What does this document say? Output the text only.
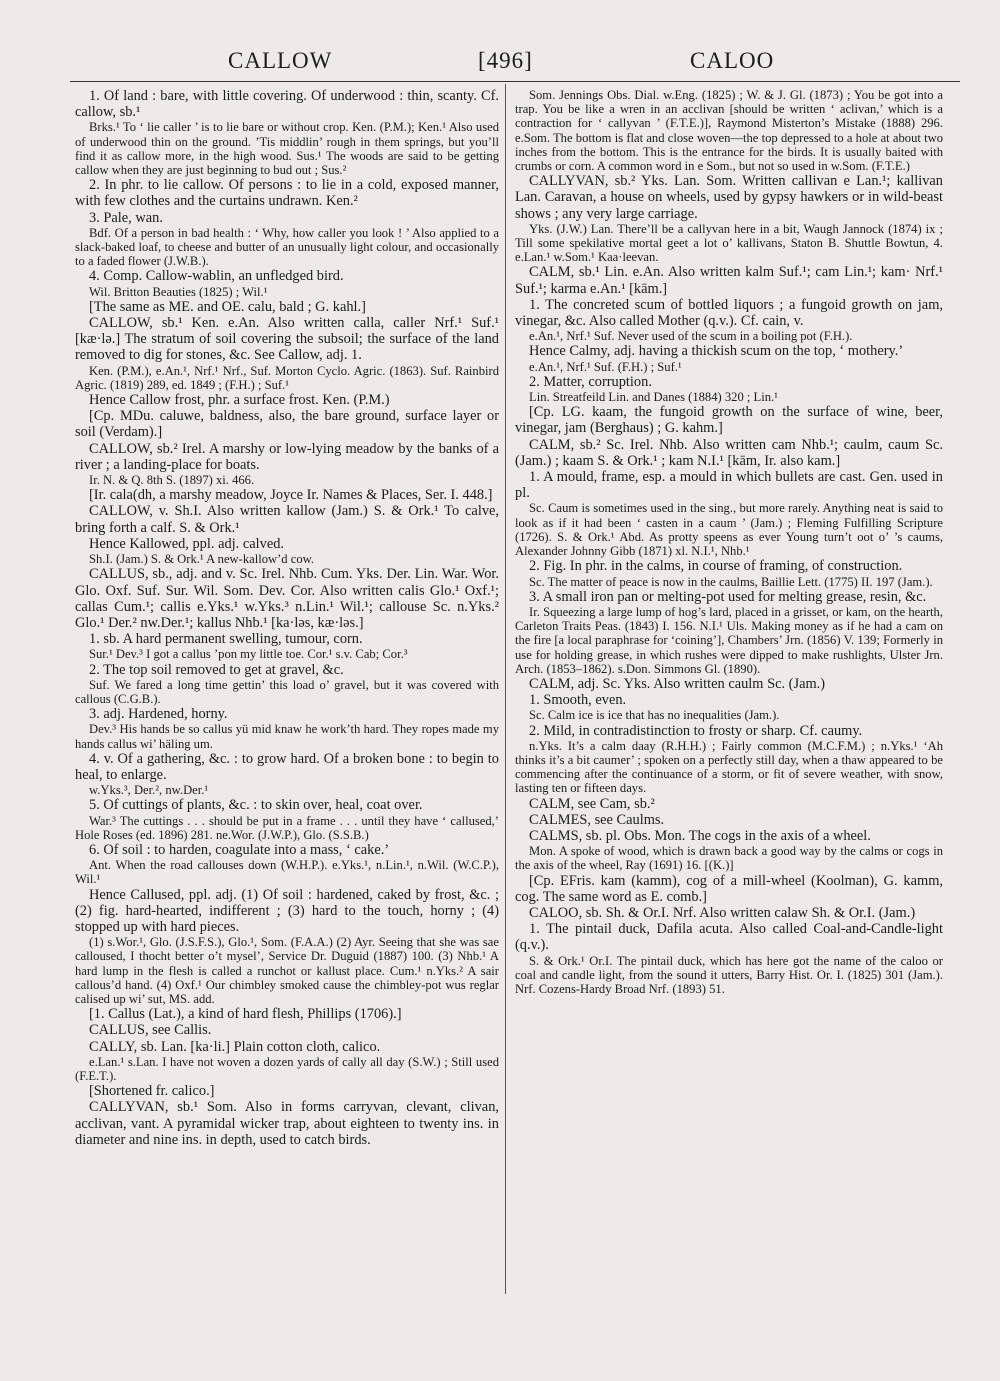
CALLOW	[496]	CALOO

1. Of land : bare, with little covering. Of underwood : thin, scanty. Cf. callow, sb.¹

Brks.¹ To ‘ lie caller ’ is to lie bare or without crop. Ken. (P.M.); Ken.¹ Also used of underwood thin on the ground. ’Tis middlin’ rough in them springs, but you’ll find it as callow more, in the high wood. Sus.¹ The woods are said to be getting callow when they are just beginning to bud out ; Sus.²

2. In phr. to lie callow. Of persons : to lie in a cold, exposed manner, with few clothes and the curtains undrawn. Ken.²

3. Pale, wan.

Bdf. Of a person in bad health : ‘ Why, how caller you look ! ’ Also applied to a slack-baked loaf, to cheese and butter of an unusually light colour, and occasionally to a faded flower (J.W.B.).

4. Comp. Callow-wablin, an unfledged bird.

Wil. Britton Beauties (1825) ; Wil.¹

[The same as ME. and OE. calu, bald ; G. kahl.]

CALLOW, sb.¹ Ken. e.An. Also written calla, caller Nrf.¹ Suf.¹ [kæ·lə.] The stratum of soil covering the subsoil; the surface of the land removed to dig for stones, &c. See Callow, adj. 1.

Ken. (P.M.), e.An.¹, Nrf.¹ Nrf., Suf. Morton Cyclo. Agric. (1863). Suf. Rainbird Agric. (1819) 289, ed. 1849 ; (F.H.) ; Suf.¹

Hence Callow frost, phr. a surface frost. Ken. (P.M.)

[Cp. MDu. caluwe, baldness, also, the bare ground, surface layer or soil (Verdam).]

CALLOW, sb.² Irel. A marshy or low-lying meadow by the banks of a river ; a landing-place for boats.

Ir. N. & Q. 8th S. (1897) xi. 466.

[Ir. cala(dh, a marshy meadow, Joyce Ir. Names & Places, Ser. I. 448.]

CALLOW, v. Sh.I. Also written kallow (Jam.) S. & Ork.¹ To calve, bring forth a calf. S. & Ork.¹

Hence Kallowed, ppl. adj. calved.

Sh.I. (Jam.) S. & Ork.¹ A new-kallow’d cow.

CALLUS, sb., adj. and v. Sc. Irel. Nhb. Cum. Yks. Der. Lin. War. Wor. Glo. Oxf. Suf. Sur. Wil. Som. Dev. Cor. Also written calis Glo.¹ Oxf.¹; callas Cum.¹; callis e.Yks.¹ w.Yks.³ n.Lin.¹ Wil.¹; callouse Sc. n.Yks.² Glo.¹ Der.² nw.Der.¹; kallus Nhb.¹ [ka·ləs, kæ·ləs.]

1. sb. A hard permanent swelling, tumour, corn.

Sur.¹ Dev.³ I got a callus ’pon my little toe. Cor.¹ s.v. Cab; Cor.³

2. The top soil removed to get at gravel, &c.

Suf. We fared a long time gettin’ this load o’ gravel, but it was covered with callous (C.G.B.).

3. adj. Hardened, horny.

Dev.³ His hands be so callus yü mid knaw he work’th hard. They ropes made my hands callus wi’ häling um.

4. v. Of a gathering, &c. : to grow hard. Of a broken bone : to begin to heal, to enlarge.

w.Yks.³, Der.², nw.Der.¹

5. Of cuttings of plants, &c. : to skin over, heal, coat over.

War.³ The cuttings . . . should be put in a frame . . . until they have ‘ callused,’ Hole Roses (ed. 1896) 281. ne.Wor. (J.W.P.), Glo. (S.S.B.)

6. Of soil : to harden, coagulate into a mass, ‘ cake.’

Ant. When the road callouses down (W.H.P.). e.Yks.¹, n.Lin.¹, n.Wil. (W.C.P.), Wil.¹

Hence Callused, ppl. adj. (1) Of soil : hardened, caked by frost, &c. ; (2) fig. hard-hearted, indifferent ; (3) hard to the touch, horny ; (4) stopped up with hard pieces.

(1) s.Wor.¹, Glo. (J.S.F.S.), Glo.¹, Som. (F.A.A.) (2) Ayr. Seeing that she was sae calloused, I thocht better o’t mysel’, Service Dr. Duguid (1887) 100. (3) Nhb.¹ A hard lump in the flesh is called a runchot or kallust place. Cum.¹ n.Yks.² A sair callous’d hand. (4) Oxf.¹ Our chimbley smoked cause the chimbley-pot wus reglar calised up wi’ sut, MS. add.

[1. Callus (Lat.), a kind of hard flesh, Phillips (1706).]

CALLUS, see Callis.

CALLY, sb. Lan. [ka·li.] Plain cotton cloth, calico.

e.Lan.¹ s.Lan. I have not woven a dozen yards of cally all day (S.W.) ; Still used (F.E.T.).

[Shortened fr. calico.]

CALLYVAN, sb.¹ Som. Also in forms carryvan, clevant, clivan, acclivan, vant. A pyramidal wicker trap, about eighteen to twenty ins. in diameter and nine ins. in depth, used to catch birds.

Som. Jennings Obs. Dial. w.Eng. (1825) ; W. & J. Gl. (1873) ; You be got into a trap. You be like a wren in an acclivan [should be written ‘ aclivan,’ which is a contraction for ‘ callyvan ’ (F.T.E.)], Raymond Misterton’s Mistake (1888) 296. e.Som. The bottom is flat and close woven—the top depressed to a hole at about two inches from the bottom. This is the entrance for the birds. It is usually baited with crumbs or corn. A common word in e Som., but not so used in w.Som. (F.T.E.)

CALLYVAN, sb.² Yks. Lan. Som. Written callivan e Lan.¹; kallivan Lan. Caravan, a house on wheels, used by gypsy hawkers or in wild-beast shows ; any very large carriage.

Yks. (J.W.) Lan. There’ll be a callyvan here in a bit, Waugh Jannock (1874) ix ; Till some spekilative mortal geet a lot o’ kallivans, Staton B. Shuttle Bowtun, 4. e.Lan.¹ w.Som.¹ Kaa·leevan.

CALM, sb.¹ Lin. e.An. Also written kalm Suf.¹; cam Lin.¹; kam· Nrf.¹ Suf.¹; karma e.An.¹ [kām.]

1. The concreted scum of bottled liquors ; a fungoid growth on jam, vinegar, &c. Also called Mother (q.v.). Cf. cain, v.

e.An.¹, Nrf.¹ Suf. Never used of the scum in a boiling pot (F.H.).

Hence Calmy, adj. having a thickish scum on the top, ‘ mothery.’

e.An.¹, Nrf.¹ Suf. (F.H.) ; Suf.¹

2. Matter, corruption.

Lin. Streatfeild Lin. and Danes (1884) 320 ; Lin.¹

[Cp. LG. kaam, the fungoid growth on the surface of wine, beer, vinegar, jam (Berghaus) ; G. kahm.]

CALM, sb.² Sc. Irel. Nhb. Also written cam Nhb.¹; caulm, caum Sc. (Jam.) ; kaam S. & Ork.¹ ; kam N.I.¹ [kām, Ir. also kam.]

1. A mould, frame, esp. a mould in which bullets are cast. Gen. used in pl.

Sc. Caum is sometimes used in the sing., but more rarely. Anything neat is said to look as if it had been ‘ casten in a caum ’ (Jam.) ; Fleming Fulfilling Scripture (1726). S. & Ork.¹ Abd. As protty speens as ever Young turn’t oot o’ ’s caums, Alexander Johnny Gibb (1871) xl. N.I.¹, Nhb.¹

2. Fig. In phr. in the calms, in course of framing, of construction.

Sc. The matter of peace is now in the caulms, Baillie Lett. (1775) II. 197 (Jam.).

3. A small iron pan or melting-pot used for melting grease, resin, &c.

Ir. Squeezing a large lump of hog’s lard, placed in a grisset, or kam, on the hearth, Carleton Traits Peas. (1843) I. 156. N.I.¹ Uls. Making money as if he had a cam on the fire [a local paraphrase for ‘coining’], Chambers’ Jrn. (1856) V. 139; Formerly in use for holding grease, in which rushes were dipped to make rushlights, Ulster Jrn. Arch. (1853–1862). s.Don. Simmons Gl. (1890).

CALM, adj. Sc. Yks. Also written caulm Sc. (Jam.)

1. Smooth, even.

Sc. Calm ice is ice that has no inequalities (Jam.).

2. Mild, in contradistinction to frosty or sharp. Cf. caumy.

n.Yks. It’s a calm daay (R.H.H.) ; Fairly common (M.C.F.M.) ; n.Yks.¹ ‘Ah thinks it’s a bit caumer’ ; spoken on a perfectly still day, when a thaw appeared to be commencing after the continuance of a storm, or fit of severe weather, with snow, lasting ten or fifteen days.

CALM, see Cam, sb.²

CALMES, see Caulms.

CALMS, sb. pl. Obs. Mon. The cogs in the axis of a wheel.

Mon. A spoke of wood, which is drawn back a good way by the calms or cogs in the axis of the wheel, Ray (1691) 16. [(K.)]

[Cp. EFris. kam (kamm), cog of a mill-wheel (Koolman), G. kamm, cog. The same word as E. comb.]

CALOO, sb. Sh. & Or.I. Nrf. Also written calaw Sh. & Or.I. (Jam.)

1. The pintail duck, Dafila acuta. Also called Coal-and-Candle-light (q.v.).

S. & Ork.¹ Or.I. The pintail duck, which has here got the name of the caloo or coal and candle light, from the sound it utters, Barry Hist. Or. I. (1825) 301 (Jam.). Nrf. Cozens-Hardy Broad Nrf. (1893) 51.
